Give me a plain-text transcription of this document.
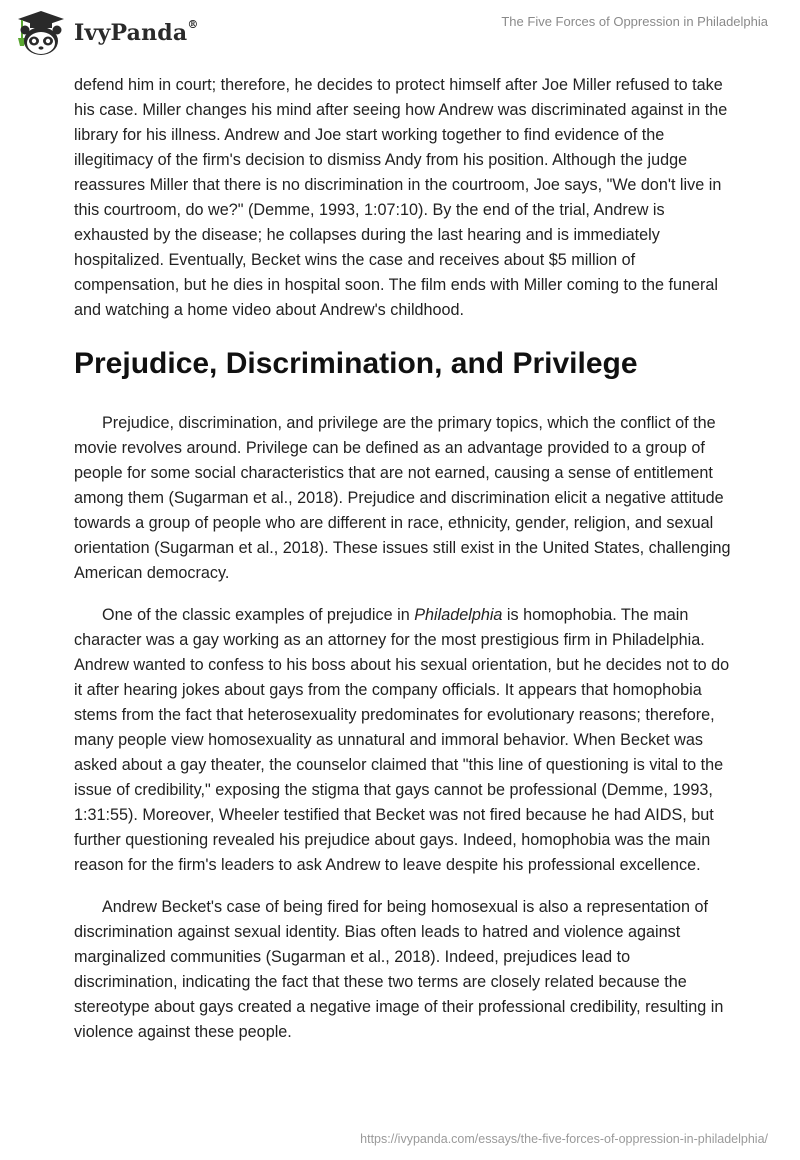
IvyPanda®	The Five Forces of Oppression in Philadelphia

defend him in court; therefore, he decides to protect himself after Joe Miller refused to take his case. Miller changes his mind after seeing how Andrew was discriminated against in the library for his illness. Andrew and Joe start working together to find evidence of the illegitimacy of the firm's decision to dismiss Andy from his position. Although the judge reassures Miller that there is no discrimination in the courtroom, Joe says, "We don't live in this courtroom, do we?" (Demme, 1993, 1:07:10). By the end of the trial, Andrew is exhausted by the disease; he collapses during the last hearing and is immediately hospitalized. Eventually, Becket wins the case and receives about $5 million of compensation, but he dies in hospital soon. The film ends with Miller coming to the funeral and watching a home video about Andrew's childhood.

Prejudice, Discrimination, and Privilege

Prejudice, discrimination, and privilege are the primary topics, which the conflict of the movie revolves around. Privilege can be defined as an advantage provided to a group of people for some social characteristics that are not earned, causing a sense of entitlement among them (Sugarman et al., 2018). Prejudice and discrimination elicit a negative attitude towards a group of people who are different in race, ethnicity, gender, religion, and sexual orientation (Sugarman et al., 2018). These issues still exist in the United States, challenging American democracy.

One of the classic examples of prejudice in Philadelphia is homophobia. The main character was a gay working as an attorney for the most prestigious firm in Philadelphia. Andrew wanted to confess to his boss about his sexual orientation, but he decides not to do it after hearing jokes about gays from the company officials. It appears that homophobia stems from the fact that heterosexuality predominates for evolutionary reasons; therefore, many people view homosexuality as unnatural and immoral behavior. When Becket was asked about a gay theater, the counselor claimed that "this line of questioning is vital to the issue of credibility," exposing the stigma that gays cannot be professional (Demme, 1993, 1:31:55). Moreover, Wheeler testified that Becket was not fired because he had AIDS, but further questioning revealed his prejudice about gays. Indeed, homophobia was the main reason for the firm's leaders to ask Andrew to leave despite his professional excellence.

Andrew Becket's case of being fired for being homosexual is also a representation of discrimination against sexual identity. Bias often leads to hatred and violence against marginalized communities (Sugarman et al., 2018). Indeed, prejudices lead to discrimination, indicating the fact that these two terms are closely related because the stereotype about gays created a negative image of their professional credibility, resulting in violence against these people.

https://ivypanda.com/essays/the-five-forces-of-oppression-in-philadelphia/
